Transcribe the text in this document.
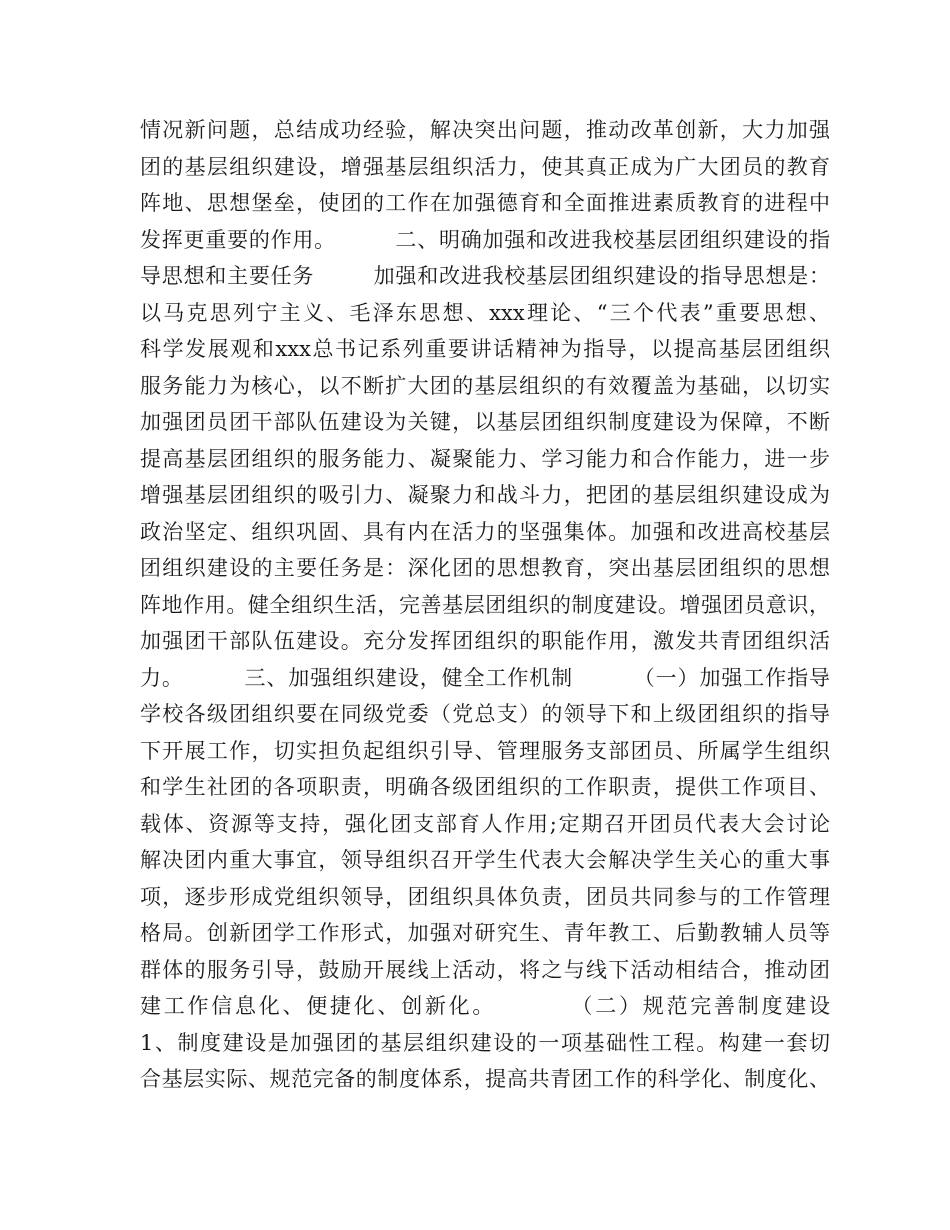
情况新问题，总结成功经验，解决突出问题，推动改革创新，大力加强
团的基层组织建设，增强基层组织活力，使其真正成为广大团员的教育
阵地、思想堡垒，使团的工作在加强德育和全面推进素质教育的进程中
发挥更重要的作用。        二、明确加强和改进我校基层团组织建设的指
导思想和主要任务        加强和改进我校基层团组织建设的指导思想是：
以马克思列宁主义、毛泽东思想、xxx理论、“三个代表”重要思想、
科学发展观和xxx总书记系列重要讲话精神为指导，以提高基层团组织
服务能力为核心，以不断扩大团的基层组织的有效覆盖为基础，以切实
加强团员团干部队伍建设为关键，以基层团组织制度建设为保障，不断
提高基层团组织的服务能力、凝聚能力、学习能力和合作能力，进一步
增强基层团组织的吸引力、凝聚力和战斗力，把团的基层组织建设成为
政治坚定、组织巩固、具有内在活力的坚强集体。加强和改进高校基层
团组织建设的主要任务是：深化团的思想教育，突出基层团组织的思想
阵地作用。健全组织生活，完善基层团组织的制度建设。增强团员意识，
加强团干部队伍建设。充分发挥团组织的职能作用，激发共青团组织活
力。        三、加强组织建设，健全工作机制        （一）加强工作指导
学校各级团组织要在同级党委（党总支）的领导下和上级团组织的指导
下开展工作，切实担负起组织引导、管理服务支部团员、所属学生组织
和学生社团的各项职责，明确各级团组织的工作职责，提供工作项目、
载体、资源等支持，强化团支部育人作用;定期召开团员代表大会讨论
解决团内重大事宜，领导组织召开学生代表大会解决学生关心的重大事
项，逐步形成党组织领导，团组织具体负责，团员共同参与的工作管理
格局。创新团学工作形式，加强对研究生、青年教工、后勤教辅人员等
群体的服务引导，鼓励开展线上活动，将之与线下活动相结合，推动团
建工作信息化、便捷化、创新化。        （二）规范完善制度建设
1、制度建设是加强团的基层组织建设的一项基础性工程。构建一套切
合基层实际、规范完备的制度体系，提高共青团工作的科学化、制度化、
